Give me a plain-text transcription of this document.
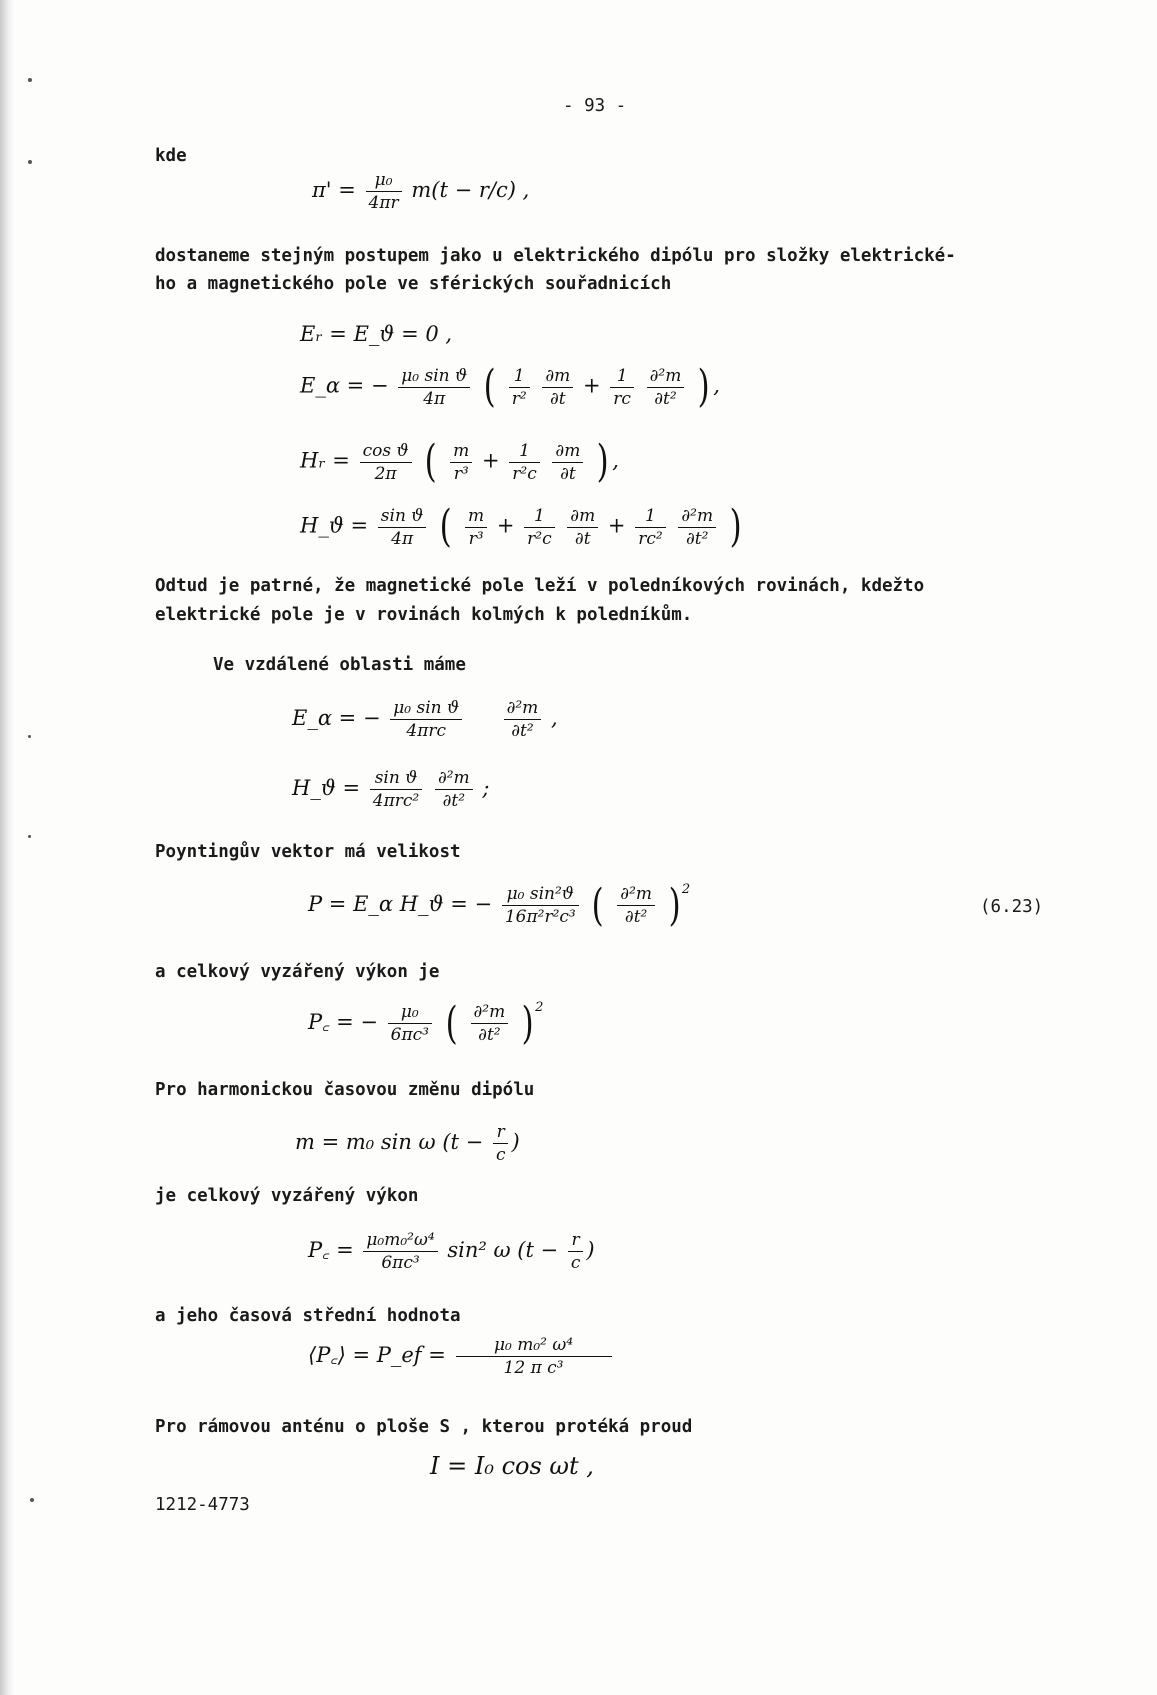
- 93 -
kde
$\pi' = \frac{\text{μ₀}}{4\pi r} m(t - r/c)$ ,
dostaneme stejným postupem jako u elektrického dipólu pro složky elektrické-
ho a magnetického pole ve sférických souřadnicích
Eᵣ = E_ϑ = 0 ,
E_α = − $\frac{\text{μ₀ sin ϑ}}{4\pi}$ ( $\frac{1}{\text{r²}}$
$\frac{\partial m}{\partial t} + \frac{1}{rc}$
$\frac{\text{∂²m}}{\text{∂t²}}$ ) ,
Hᵣ = $\frac{\text{cos ϑ}}{2\pi}$ ( $\frac{m}{\text{r³}} + \frac{1}{\text{r²c}}$
$\frac{\partial m}{\partial t}$ ) ,
H_ϑ = $\frac{\text{sin ϑ}}{4\pi}$ ( $\frac{m}{\text{r³}} + \frac{1}{\text{r²c}}$
$\frac{\partial m}{\partial t} + \frac{1}{\text{rc²}}$
$\frac{\text{∂²m}}{\text{∂t²}}$ )
Odtud je patrné, že magnetické pole leží v poledníkových rovinách, kdežto
elektrické pole je v rovinách kolmých k poledníkům.
Ve vzdálené oblasti máme
E_α = − $\frac{\text{μ₀ sin ϑ}}{\text{4πrc}}$
$\frac{\text{∂²m}}{\text{∂t²}}$ ,
H_ϑ = $\frac{\text{sin ϑ}}{\text{4πrc²}}$
$\frac{\text{∂²m}}{\text{∂t²}}$ ;
Poyntingův vektor má velikost
P = E_α H_ϑ = − $\frac{\text{μ₀ sin²ϑ}}{\text{16π²r²c³}}$ ( $\frac{\text{∂²m}}{\text{∂t²}}$ ) $^2$
(6.23)
a celkový vyzářený výkon je
P꜀ = − $\frac{\text{μ₀}}{\text{6πc³}}$ ( $\frac{\text{∂²m}}{\text{∂t²}}$ ) $^2$
Pro harmonickou časovou změnu dipólu
m = m₀ sin ω ($t - \frac{r}{c}$ )
je celkový vyzářený výkon
P꜀ = $\frac{\text{μ₀m₀²ω⁴}}{\text{6πc³}} \sin^2$ ω ($t - \frac{r}{c}$ )
a jeho časová střední hodnota
⟨P꜀⟩ = P_ef = $\frac{\text{μ₀ m₀² ω⁴}}{\text{12 π c³}}$
Pro rámovou anténu o ploše S , kterou protéká proud
I = I₀ cos ωt ,
1212-4773
